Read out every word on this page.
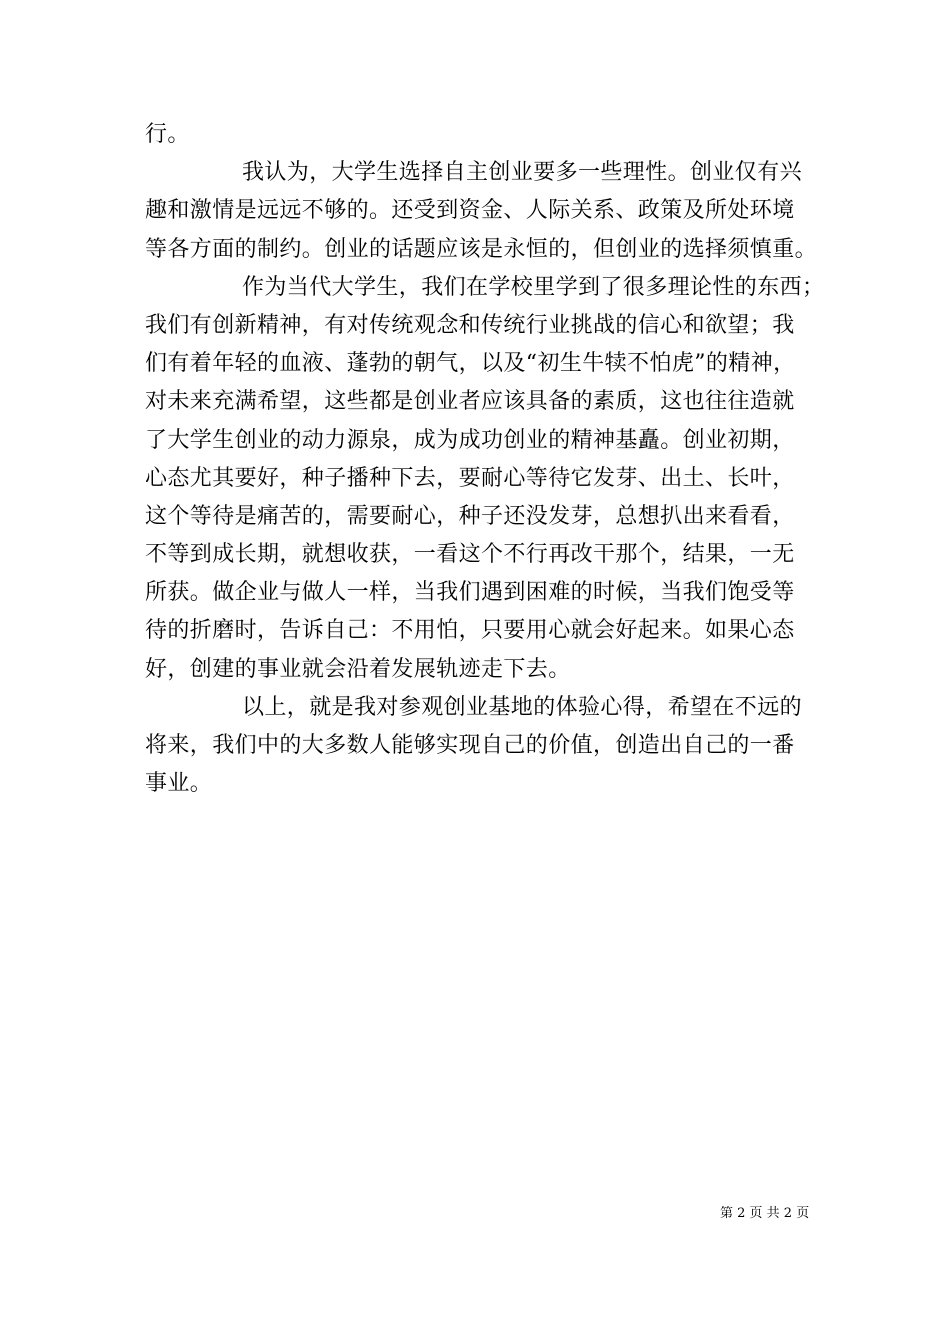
行。
我认为，大学生选择自主创业要多一些理性。创业仅有兴
趣和激情是远远不够的。还受到资金、人际关系、政策及所处环境
等各方面的制约。创业的话题应该是永恒的，但创业的选择须慎重。
作为当代大学生，我们在学校里学到了很多理论性的东西；
我们有创新精神，有对传统观念和传统行业挑战的信心和欲望；我
们有着年轻的血液、蓬勃的朝气，以及“初生牛犊不怕虎”的精神，
对未来充满希望，这些都是创业者应该具备的素质，这也往往造就
了大学生创业的动力源泉，成为成功创业的精神基矗。创业初期，
心态尤其要好，种子播种下去，要耐心等待它发芽、出土、长叶，
这个等待是痛苦的，需要耐心，种子还没发芽，总想扒出来看看，
不等到成长期，就想收获，一看这个不行再改干那个，结果，一无
所获。做企业与做人一样，当我们遇到困难的时候，当我们饱受等
待的折磨时，告诉自己：不用怕，只要用心就会好起来。如果心态
好，创建的事业就会沿着发展轨迹走下去。
以上，就是我对参观创业基地的体验心得，希望在不远的
将来，我们中的大多数人能够实现自己的价值，创造出自己的一番
事业。
第 2 页 共 2 页
